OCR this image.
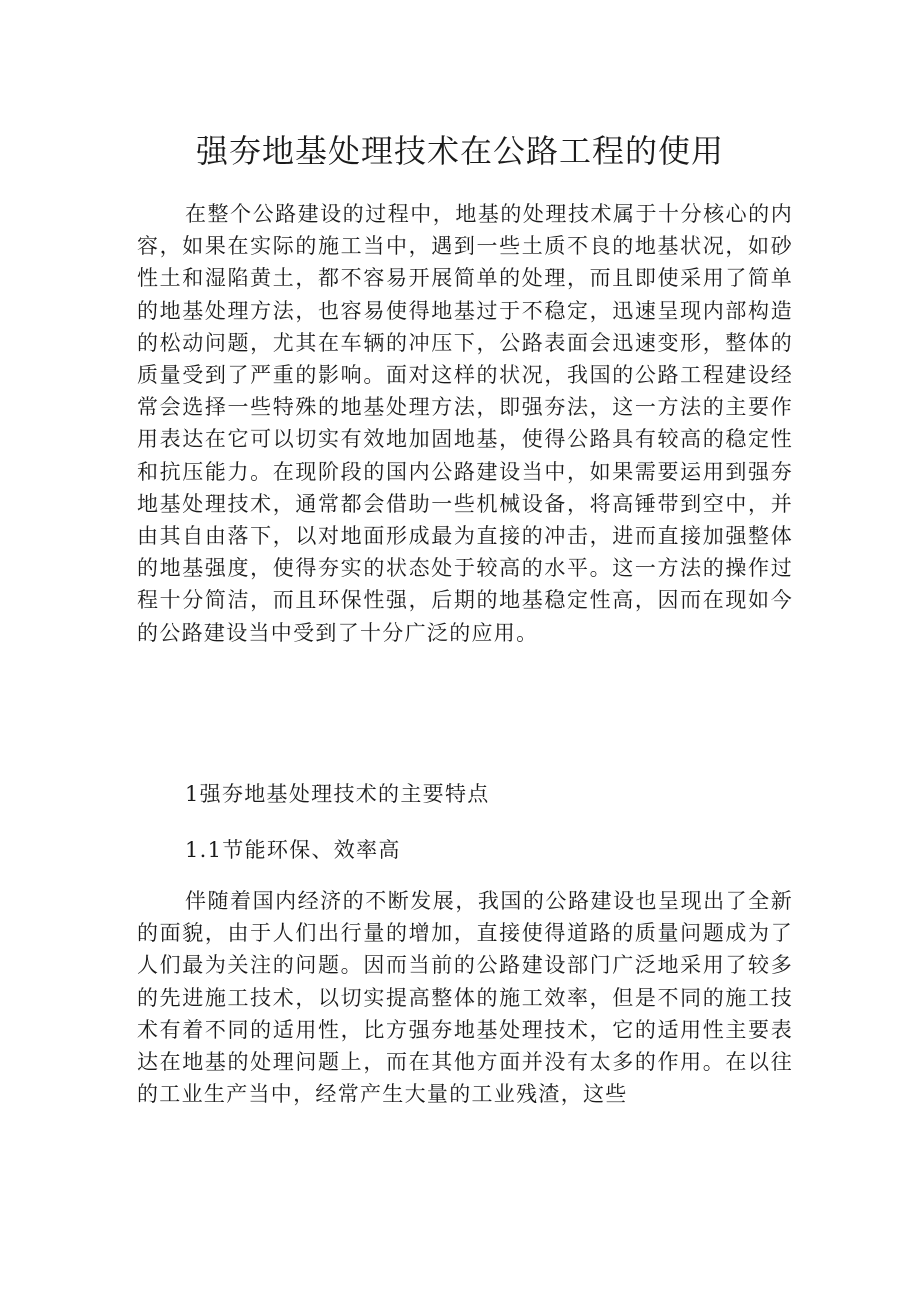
强夯地基处理技术在公路工程的使用

在整个公路建设的过程中，地基的处理技术属于十分核心的内容，如果在实际的施工当中，遇到一些土质不良的地基状况，如砂性土和湿陷黄土，都不容易开展简单的处理，而且即使采用了简单的地基处理方法，也容易使得地基过于不稳定，迅速呈现内部构造的松动问题，尤其在车辆的冲压下，公路表面会迅速变形，整体的质量受到了严重的影响。面对这样的状况，我国的公路工程建设经常会选择一些特殊的地基处理方法，即强夯法，这一方法的主要作用表达在它可以切实有效地加固地基，使得公路具有较高的稳定性和抗压能力。在现阶段的国内公路建设当中，如果需要运用到强夯地基处理技术，通常都会借助一些机械设备，将高锤带到空中，并由其自由落下，以对地面形成最为直接的冲击，进而直接加强整体的地基强度，使得夯实的状态处于较高的水平。这一方法的操作过程十分简洁，而且环保性强，后期的地基稳定性高，因而在现如今的公路建设当中受到了十分广泛的应用。

1强夯地基处理技术的主要特点
1.1节能环保、效率高

伴随着国内经济的不断发展，我国的公路建设也呈现出了全新的面貌，由于人们出行量的增加，直接使得道路的质量问题成为了人们最为关注的问题。因而当前的公路建设部门广泛地采用了较多的先进施工技术，以切实提高整体的施工效率，但是不同的施工技术有着不同的适用性，比方强夯地基处理技术，它的适用性主要表达在地基的处理问题上，而在其他方面并没有太多的作用。在以往的工业生产当中，经常产生大量的工业残渣，这些
